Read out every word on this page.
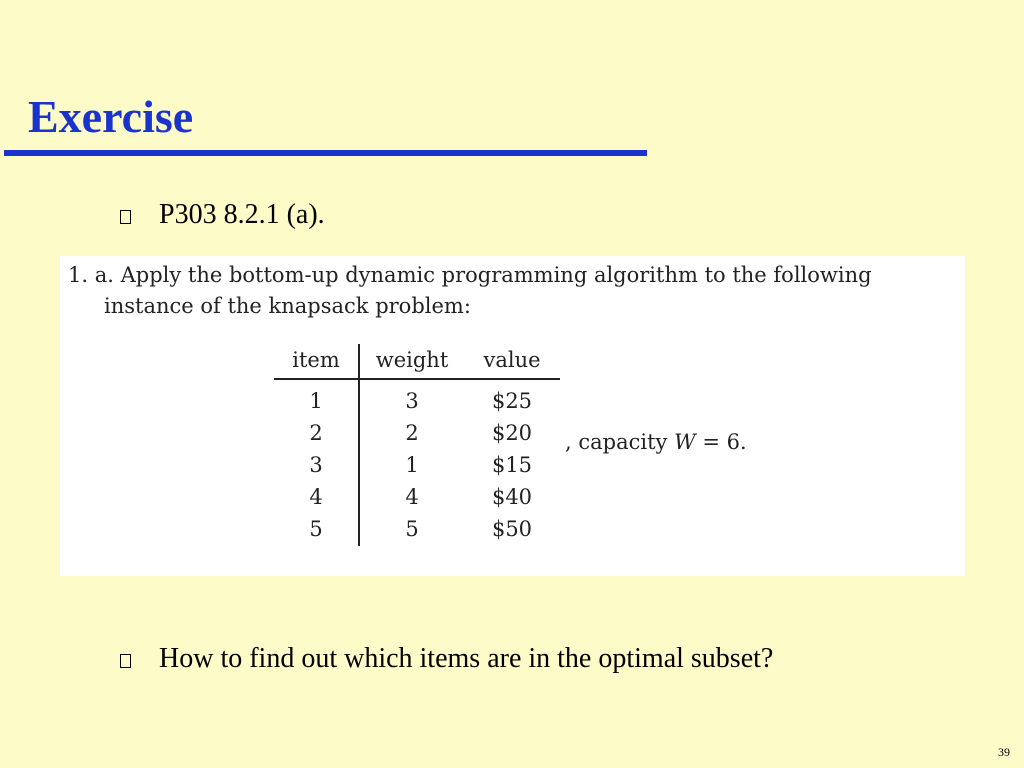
Exercise
P303 8.2.1 (a).
1. a. Apply the bottom-up dynamic programming algorithm to the following
instance of the knapsack problem:
item	weight	value
1	3	$25
2	2	$20
3	1	$15
4	4	$40
5	5	$50
, capacity W = 6.
How to find out which items are in the optimal subset?
39
